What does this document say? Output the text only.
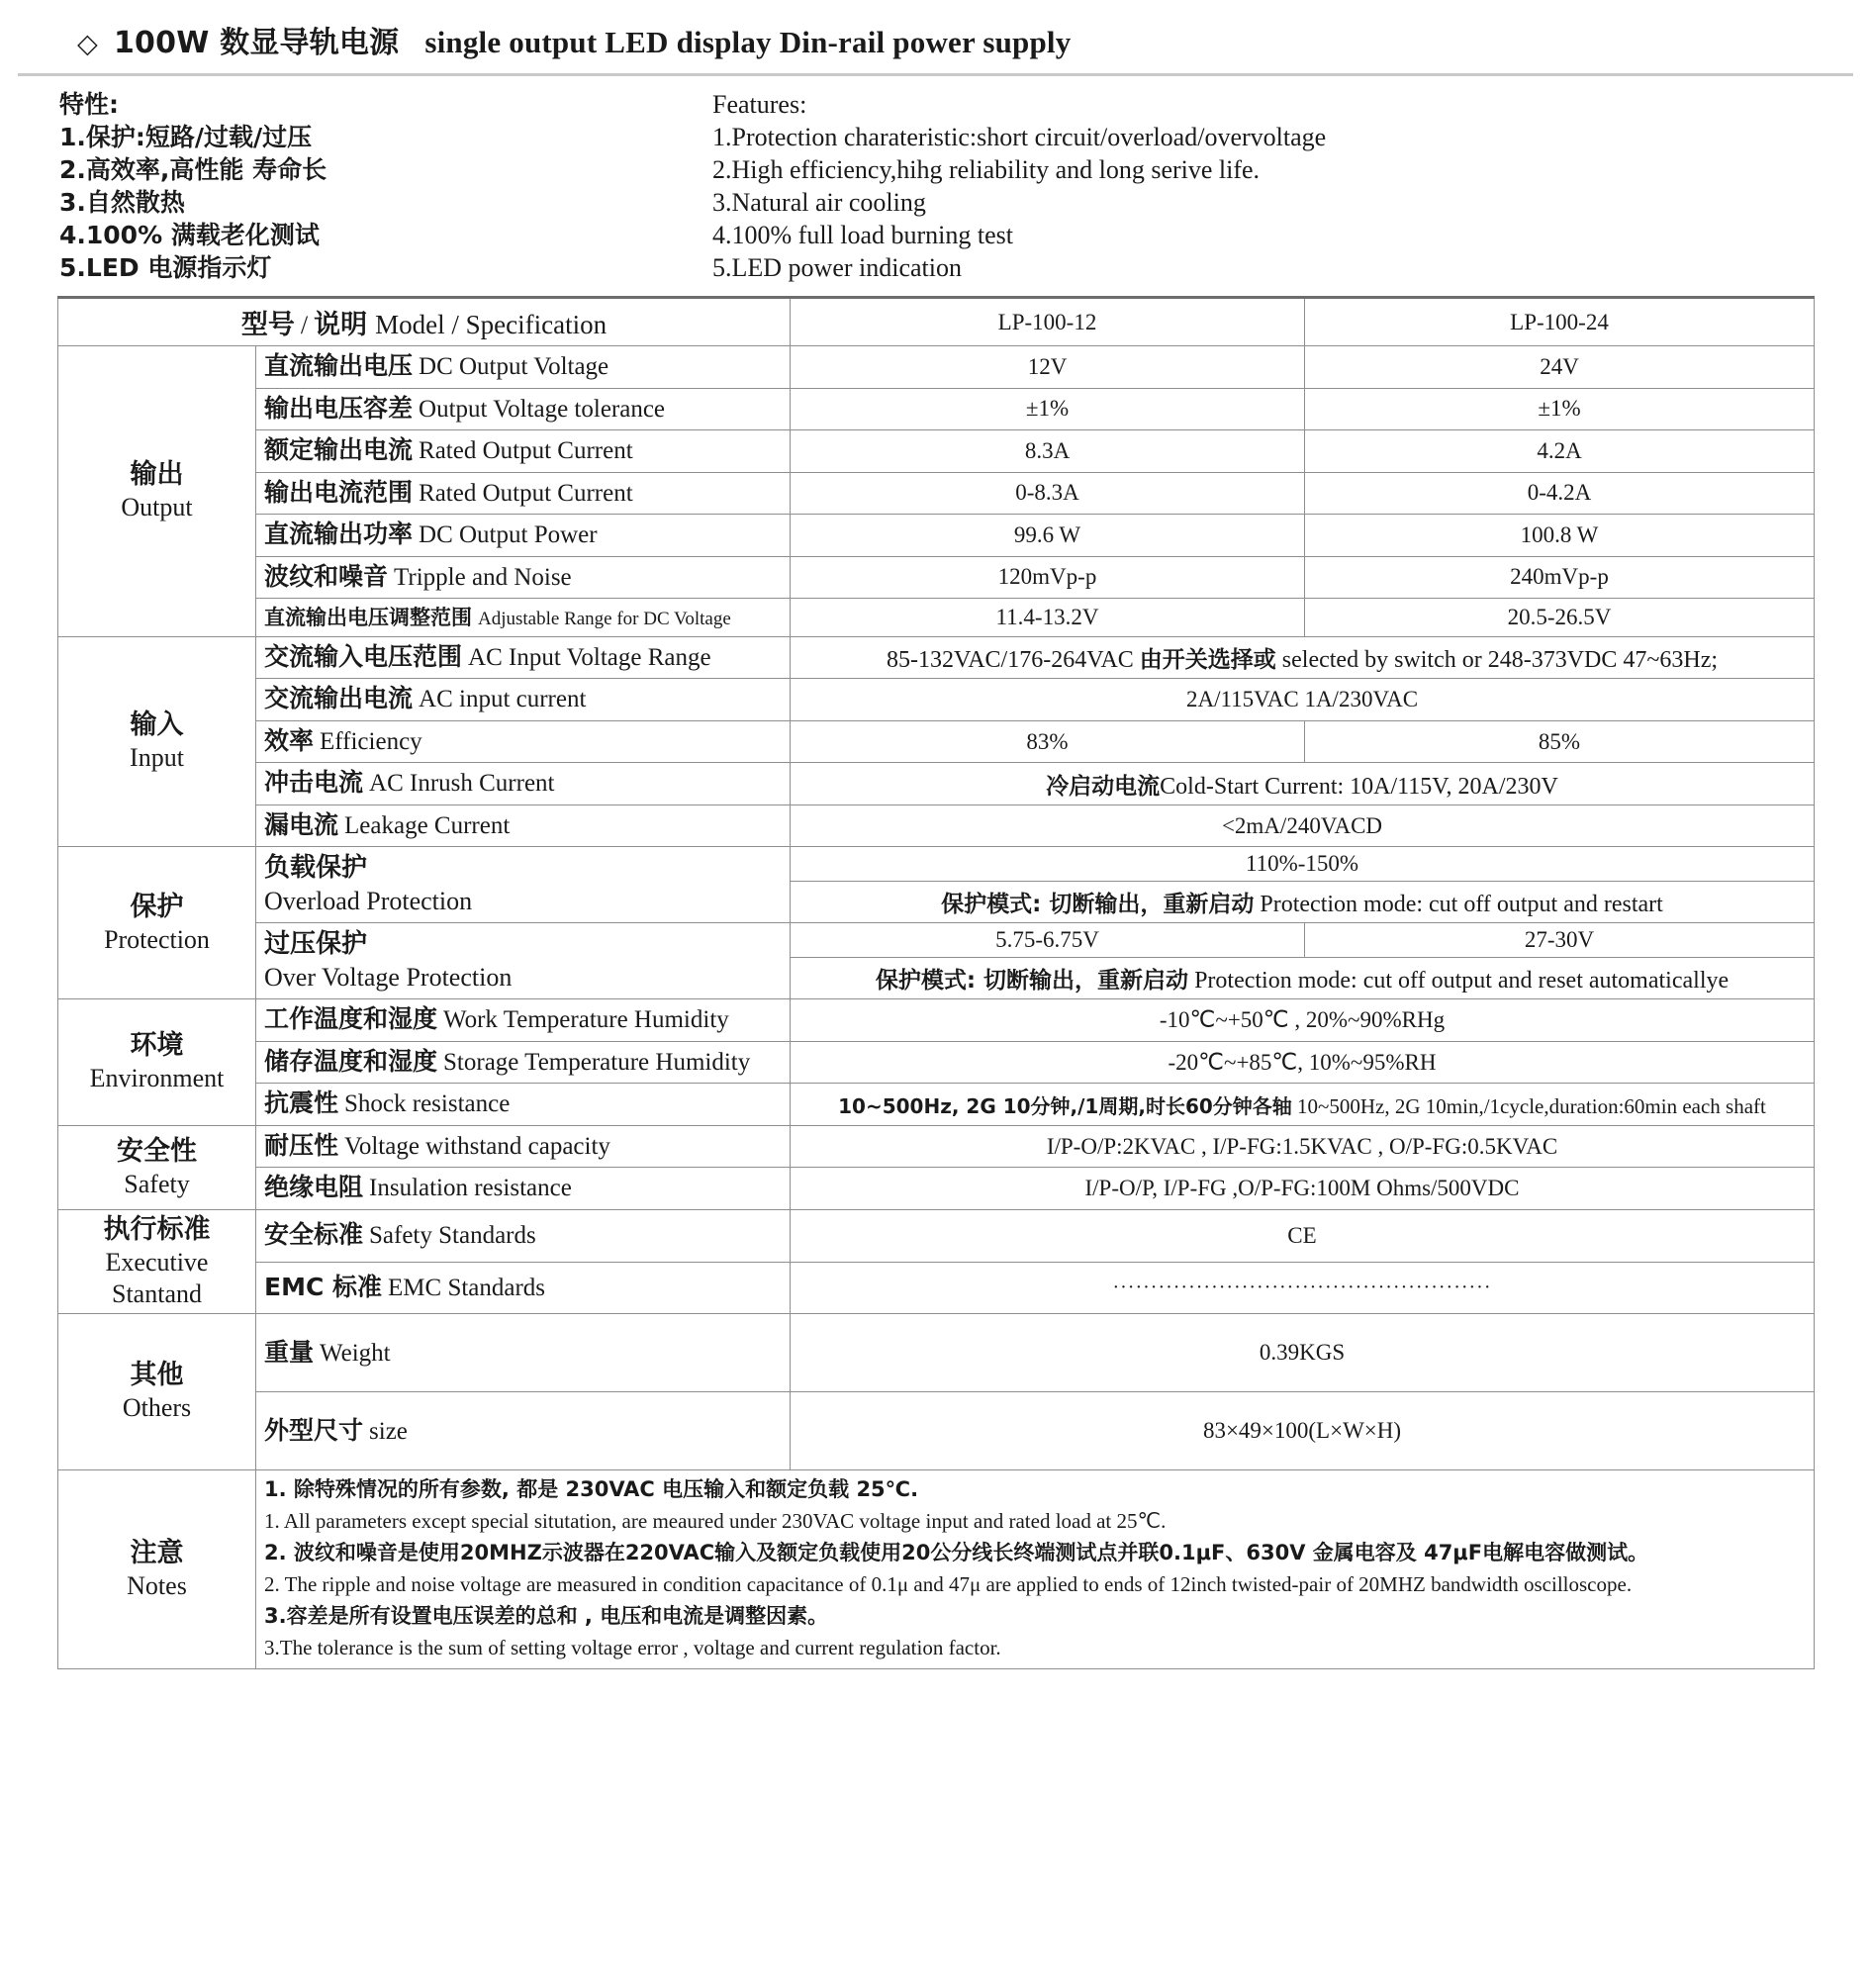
◇ 100W 数显导轨电源 single output LED display Din-rail power supply
特性:
1.保护:短路/过载/过压
2.高效率,高性能 寿命长
3.自然散热
4.100% 满载老化测试
5.LED 电源指示灯
Features:
1.Protection charateristic:short circuit/overload/overvoltage
2.High efficiency,hihg reliability and long serive life.
3.Natural air cooling
4.100% full load burning test
5.LED power indication
型号 / 说明 Model / Specification		LP-100-12	LP-100-24

输出
Output	直流输出电压 DC Output Voltage	12V	24V
	输出电压容差 Output Voltage tolerance	±1%	±1%
	额定输出电流 Rated Output Current	8.3A	4.2A
	输出电流范围 Rated Output Current	0-8.3A	0-4.2A
	直流输出功率 DC Output Power	99.6 W	100.8 W
	波纹和噪音 Tripple and Noise	120mVp-p	240mVp-p
	直流输出电压调整范围 Adjustable Range for DC Voltage	11.4-13.2V	20.5-26.5V

输入
Input	交流输入电压范围 AC Input Voltage Range	85-132VAC/176-264VAC 由开关选择或 selected by switch or 248-373VDC 47~63Hz;	
	交流输出电流 AC input current	2A/115VAC 1A/230VAC	
	效率 Efficiency	83%	85%
	冲击电流 AC Inrush Current	冷启动电流Cold-Start Current: 10A/115V, 20A/230V	
	漏电流 Leakage Current	<2mA/240VACD	

保护
Protection	负载保护
Overload Protection	110%-150%	
		保护模式: 切断输出，重新启动 Protection mode: cut off output and restart	

	过压保护
Over Voltage Protection	5.75-6.75V	27-30V
		保护模式: 切断输出，重新启动 Protection mode: cut off output and reset automaticallye	

环境
Environment	工作温度和湿度 Work Temperature Humidity	-10℃~+50℃ , 20%~90%RHg	
	储存温度和湿度 Storage Temperature Humidity	-20℃~+85℃, 10%~95%RH	
	抗震性 Shock resistance	10~500Hz, 2G 10分钟,/1周期,时长60分钟各轴 10~500Hz, 2G 10min,/1cycle,duration:60min each shaft	

安全性
Safety	耐压性 Voltage withstand capacity	I/P-O/P:2KVAC , I/P-FG:1.5KVAC , O/P-FG:0.5KVAC	
	绝缘电阻 Insulation resistance	I/P-O/P, I/P-FG ,O/P-FG:100M Ohms/500VDC	

执行标准
Executive
Stantand	安全标准 Safety Standards	CE	
	EMC 标准 EMC Standards	··················································	

其他
Others	重量 Weight	0.39KGS	
	外型尺寸 size	83×49×100(L×W×H)	

注意
Notes

1. 除特殊情况的所有参数, 都是 230VAC 电压输入和额定负载 25℃.
1. All parameters except special situtation, are meaured under 230VAC voltage input and rated load at 25℃.
2. 波纹和噪音是使用20MHZ示波器在220VAC输入及额定负载使用20公分线长终端测试点并联0.1μF、630V 金属电容及 47μF电解电容做测试。
2. The ripple and noise voltage are measured in condition capacitance of 0.1μ and 47μ are applied to ends of 12inch twisted-pair of 20MHZ bandwidth oscilloscope.
3.容差是所有设置电压误差的总和 , 电压和电流是调整因素。
3.The tolerance is the sum of setting voltage error , voltage and current regulation factor.
